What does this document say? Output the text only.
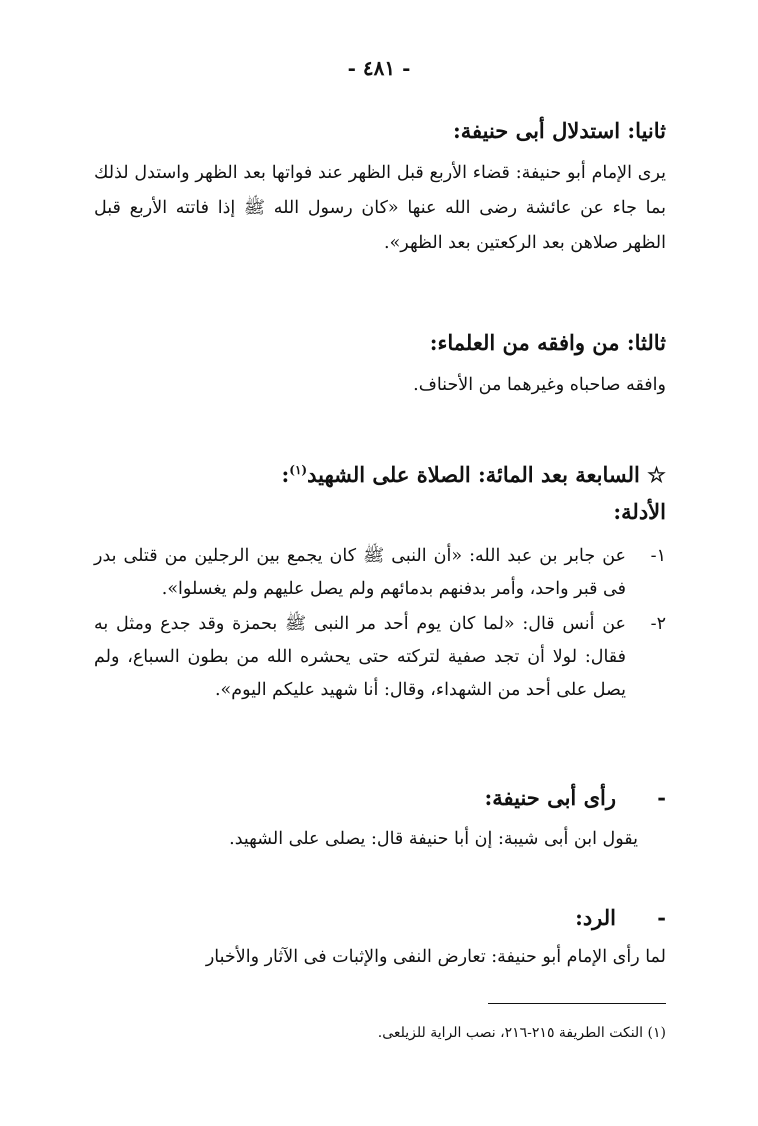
- ٤٨١ -
ثانيا: استدلال أبى حنيفة:
يرى الإمام أبو حنيفة: قضاء الأربع قبل الظهر عند فواتها بعد الظهر واستدل لذلك بما جاء عن عائشة رضى الله عنها «كان رسول الله ﷺ إذا فاتته الأربع قبل الظهر صلاهن بعد الركعتين بعد الظهر».
ثالثا: من وافقه من العلماء:
وافقه صاحباه وغيرهما من الأحناف.
☆ السابعة بعد المائة: الصلاة على الشهيد$^{(١)}$:
الأدلة:
١-
عن جابر بن عبد الله: «أن النبى ﷺ كان يجمع بين الرجلين من قتلى بدر فى قبر واحد، وأمر بدفنهم بدمائهم ولم يصل عليهم ولم يغسلوا».
٢-
عن أنس قال: «لما كان يوم أحد مر النبى ﷺ بحمزة وقد جدع ومثل به فقال: لولا أن تجد صفية لتركته حتى يحشره الله من بطون السباع، ولم يصل على أحد من الشهداء، وقال: أنا شهيد عليكم اليوم».
-رأى أبى حنيفة:
يقول ابن أبى شيبة: إن أبا حنيفة قال: يصلى على الشهيد.
-الرد:
لما رأى الإمام أبو حنيفة: تعارض النفى والإثبات فى الآثار والأخبار
(١) النكت الطريفة ٢١٥-٢١٦، نصب الراية للزيلعى.
